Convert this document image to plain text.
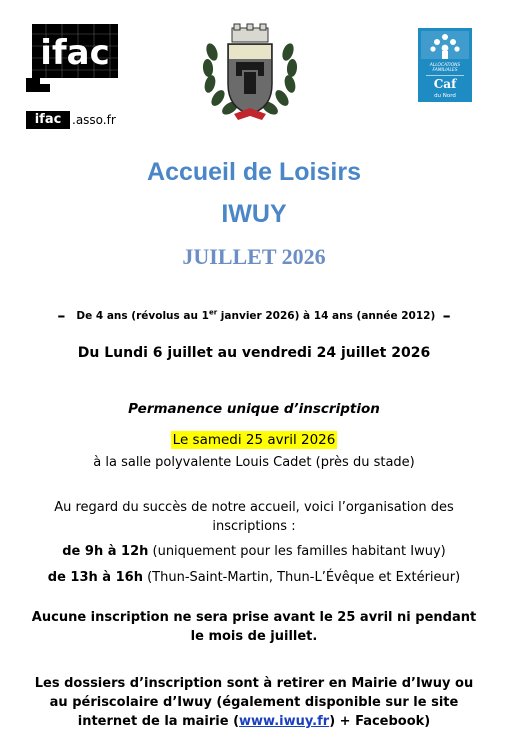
ifac
ifac .asso.fr
ALLOCATIONS
FAMILIALES
Caf
du Nord
Accueil de Loisirs
IWUY
JUILLET 2026
– De 4 ans (révolus au 1er janvier 2026) à 14 ans (année 2012) –
Du Lundi 6 juillet au vendredi 24 juillet 2026
Permanence unique d’inscription
Le samedi 25 avril 2026
à la salle polyvalente Louis Cadet (près du stade)
Au regard du succès de notre accueil, voici l’organisation des inscriptions :
de 9h à 12h (uniquement pour les familles habitant Iwuy)
de 13h à 16h (Thun-Saint-Martin, Thun-L’Évêque et Extérieur)
Aucune inscription ne sera prise avant le 25 avril ni pendant le mois de juillet.
Les dossiers d’inscription sont à retirer en Mairie d’Iwuy ou au périscolaire d’Iwuy (également disponible sur le site internet de la mairie (www.iwuy.fr) + Facebook)
